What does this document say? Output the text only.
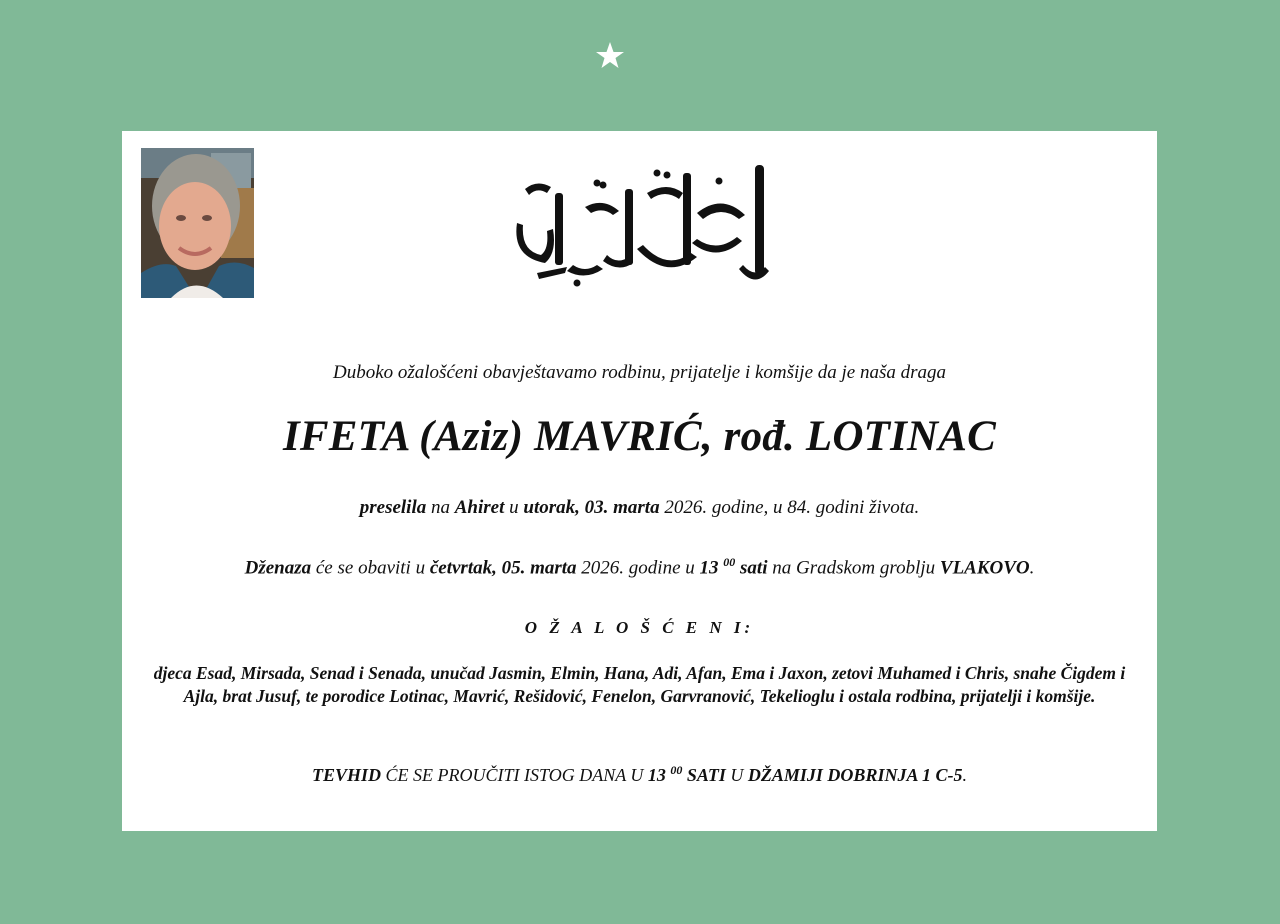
Duboko ožalošćeni obavještavamo rodbinu, prijatelje i komšije da je naša draga
IFETA (Aziz) MAVRIĆ, rođ. LOTINAC
preselila na Ahiret u utorak, 03. marta 2026. godine, u 84. godini života.
Dženaza će se obaviti u četvrtak, 05. marta 2026. godine u 13 $^{00}$ sati na Gradskom groblju VLAKOVO.
O Ž A L O Š Ć E N I:
djeca Esad, Mirsada, Senad i Senada, unučad Jasmin, Elmin, Hana, Adi, Afan, Ema i Jaxon, zetovi Muhamed i Chris, snahe Čigdem i Ajla, brat Jusuf, te porodice Lotinac, Mavrić, Rešidović, Fenelon, Garvranović, Tekelioglu i ostala rodbina, prijatelji i komšije.
TEVHID ĆE SE PROUČITI ISTOG DANA U 13 $^{00}$ SATI U DŽAMIJI DOBRINJA 1 C-5.
